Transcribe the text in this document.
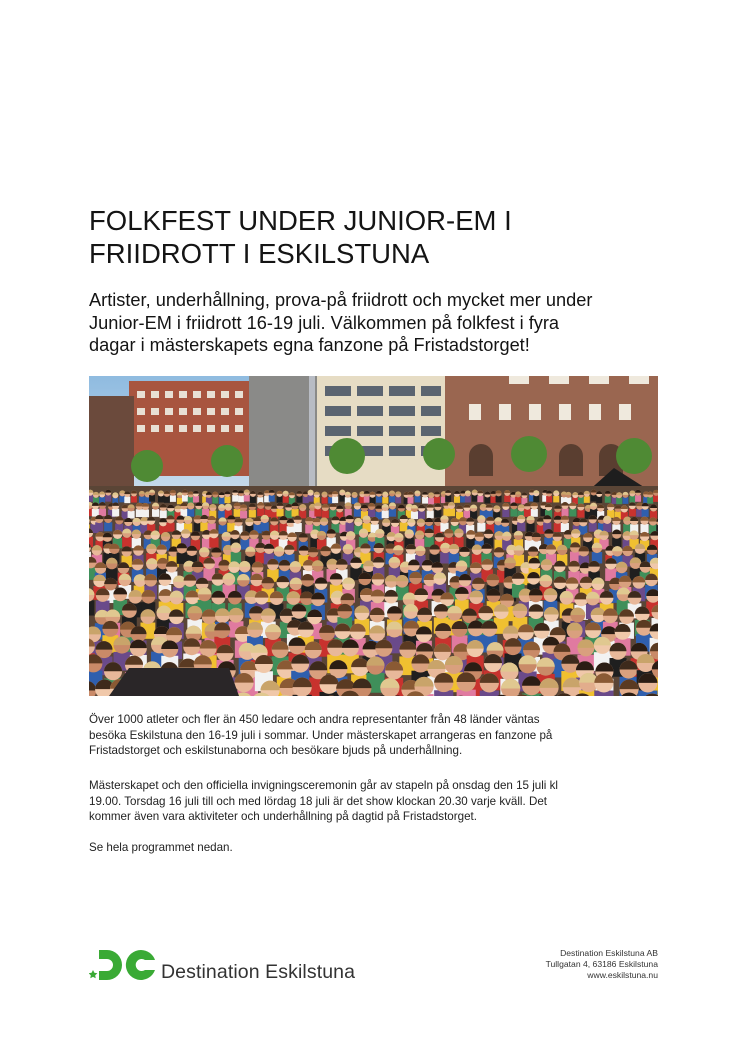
FOLKFEST UNDER JUNIOR-EM I
FRIIDROTT I ESKILSTUNA

Artister, underhållning, prova-på friidrott och mycket mer under
Junior-EM i friidrott 16-19 juli. Välkommen på folkfest i fyra
dagar i mästerskapets egna fanzone på Fristadstorget!

Över 1000 atleter och fler än 450 ledare och andra representanter från 48 länder väntas
besöka Eskilstuna den 16-19 juli i sommar. Under mästerskapet arrangeras en fanzone på
Fristadstorget och eskilstunaborna och besökare bjuds på underhållning.

Mästerskapet och den officiella invigningsceremonin går av stapeln på onsdag den 15 juli kl
19.00. Torsdag 16 juli till och med lördag 18 juli är det show klockan 20.30 varje kväll. Det
kommer även vara aktiviteter och underhållning på dagtid på Fristadstorget.

Se hela programmet nedan.

Destination Eskilstuna
Destination Eskilstuna AB
Tullgatan 4, 63186 Eskilstuna
www.eskilstuna.nu
